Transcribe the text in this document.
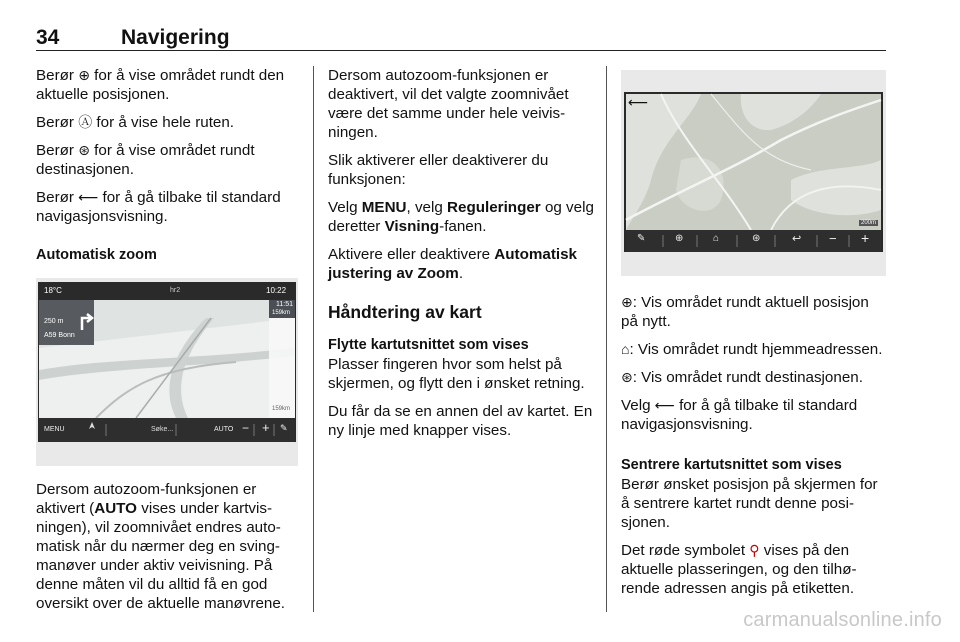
34	Navigering

Berør ⊕ for å vise området rundt den aktuelle posisjonen.

Berør Ⓐ for å vise hele ruten.

Berør ⊛ for å vise området rundt destinasjonen.

Berør ⟵ for å gå tilbake til standard navigasjonsvisning.

Automatisk zoom

18°C	hr2	10:22
250 m
A59 Bonn
11:51
159km
159km
MENU	Søke...	AUTO − + ✎

Dersom autozoom-funksjonen er aktivert (AUTO vises under kartvisningen), vil zoomnivået endres automatisk når du nærmer deg en svingmanøver under aktiv veivisning. På denne måten vil du alltid få en god oversikt over de aktuelle manøvrene.

Dersom autozoom-funksjonen er deaktivert, vil det valgte zoomnivået være det samme under hele veivisningen.

Slik aktiverer eller deaktiverer du funksjonen:

Velg MENU, velg Reguleringer og velg deretter Visning-fanen.

Aktivere eller deaktivere Automatisk justering av Zoom.

Håndtering av kart

Flytte kartutsnittet som vises

Plasser fingeren hvor som helst på skjermen, og flytt den i ønsket retning.

Du får da se en annen del av kartet. En ny linje med knapper vises.

⟵
200m
✎	⊕	⌂	⊛	↩ − +

⊕: Vis området rundt aktuell posisjon på nytt.

⌂: Vis området rundt hjemmeadressen.

⊛: Vis området rundt destinasjonen.

Velg ⟵ for å gå tilbake til standard navigasjonsvisning.

Sentrere kartutsnittet som vises

Berør ønsket posisjon på skjermen for å sentrere kartet rundt denne posisjonen.

Det røde symbolet ⚲ vises på den aktuelle plasseringen, og den tilhørende adressen angis på etiketten.

carmanualsonline.info
